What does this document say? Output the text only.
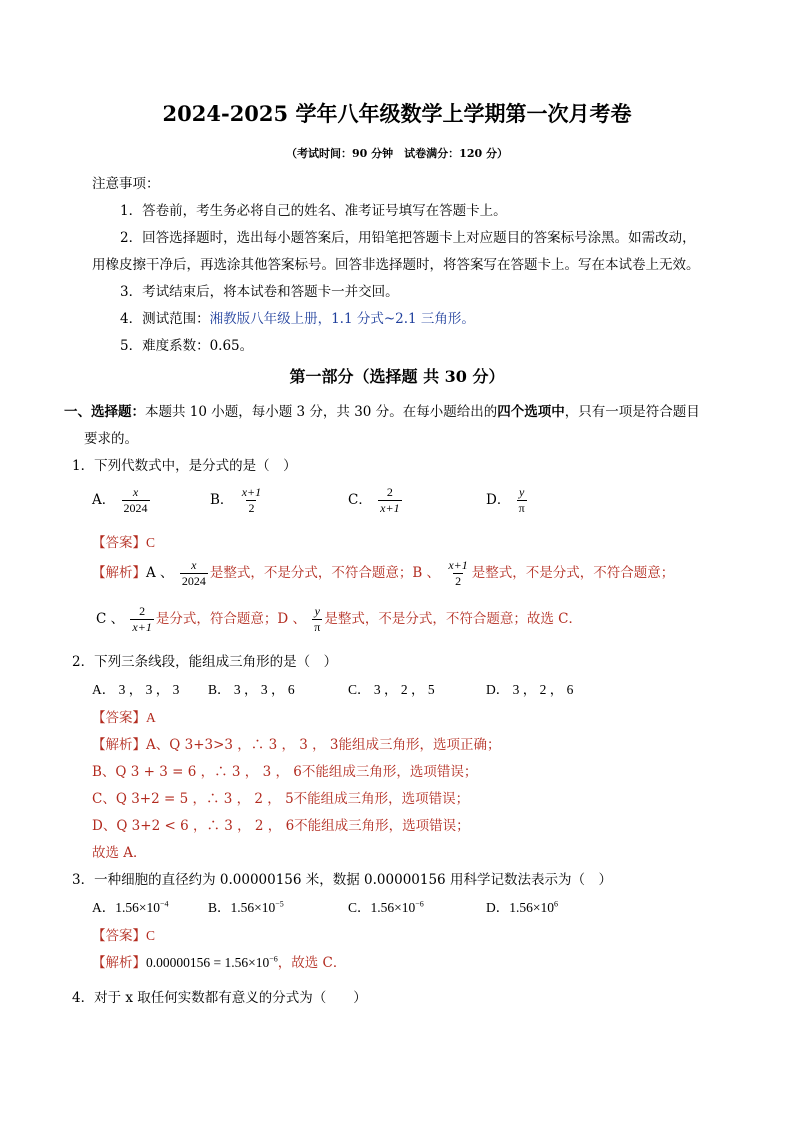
2024-2025 学年八年级数学上学期第一次月考卷
（考试时间：90 分钟　试卷满分：120 分）
注意事项：
1．答卷前，考生务必将自己的姓名、准考证号填写在答题卡上。
2．回答选择题时，选出每小题答案后，用铅笔把答题卡上对应题目的答案标号涂黑。如需改动，
用橡皮擦干净后，再选涂其他答案标号。回答非选择题时，将答案写在答题卡上。写在本试卷上无效。
3．考试结束后，将本试卷和答题卡一并交回。
4．测试范围：湘教版八年级上册，1.1 分式~2.1 三角形。
5．难度系数：0.65。
第一部分（选择题 共 30 分）
一、选择题：本题共 10 小题，每小题 3 分，共 30 分。在每小题给出的四个选项中，只有一项是符合题目
要求的。
1．下列代数式中，是分式的是（　）
A． $\frac{x}{2024}$	B． $\frac{x+1}{2}$	C． $\frac{2}{x+1}$	D． $\frac{y}{\pi}$
【答案】C
【解析】A 、 $\frac{x}{2024}$ 是整式，不是分式，不符合题意；B 、 $\frac{x+1}{2}$ 是整式，不是分式，不符合题意；
C 、 $\frac{2}{x+1}$ 是分式，符合题意；D 、 $\frac{y}{\pi}$ 是整式，不是分式，不符合题意；故选 C．
2．下列三条线段，能组成三角形的是（　）
A． 3 ， 3 ， 3 B． 3 ， 3 ， 6	C． 3 ， 2 ， 5	D． 3 ， 2 ， 6
【答案】A
【解析】A、Q 3+3>3 ，∴ 3 ， 3 ， 3能组成三角形，选项正确；
B、Q 3 + 3 = 6 ，∴ 3 ， 3 ， 6不能组成三角形，选项错误；
C、Q 3+2 = 5 ，∴ 3 ， 2 ， 5不能组成三角形，选项错误；
D、Q 3+2 < 6 ，∴ 3 ， 2 ， 6不能组成三角形，选项错误；
故选 A．
3．一种细胞的直径约为 0.00000156 米，数据 0.00000156 用科学记数法表示为（　）
A．$1.56\times 10^{-4}$	B．$1.56\times 10^{-5}$	C．$1.56\times 10^{-6}$	D．$1.56\times 10^6$
【答案】C
【解析】$0.00000156 = 1.56\times 10^{-6}$，故选 C．
4．对于 x 取任何实数都有意义的分式为（　　）
